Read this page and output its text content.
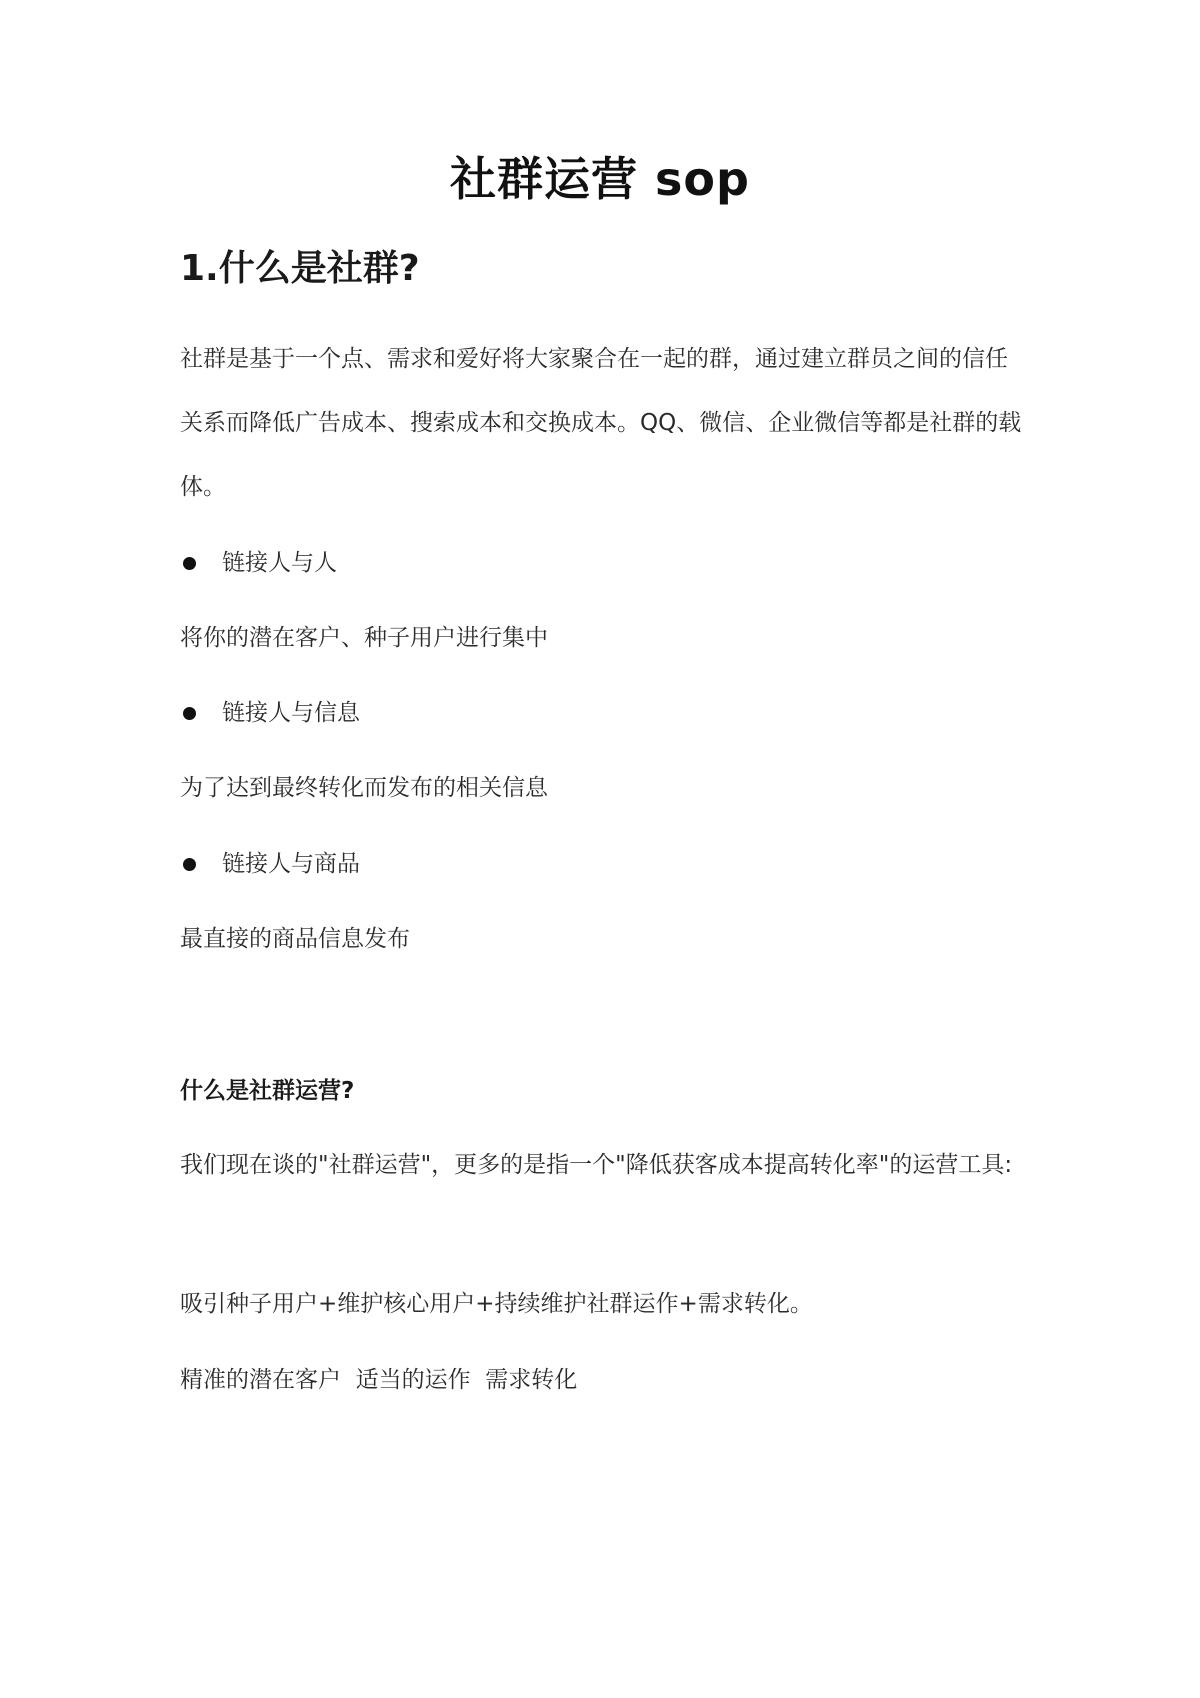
社群运营 sop
1.什么是社群?

社群是基于一个点、需求和爱好将大家聚合在一起的群，通过建立群员之间的信任关系而降低广告成本、搜索成本和交换成本。QQ、微信、企业微信等都是社群的载体。

链接人与人
将你的潜在客户、种子用户进行集中
链接人与信息
为了达到最终转化而发布的相关信息
链接人与商品
最直接的商品信息发布
什么是社群运营?

我们现在谈的"社群运营"，更多的是指一个"降低获客成本提高转化率"的运营工具:

吸引种子用户+维护核心用户+持续维护社群运作+需求转化。
精准的潜在客户  适当的运作  需求转化
